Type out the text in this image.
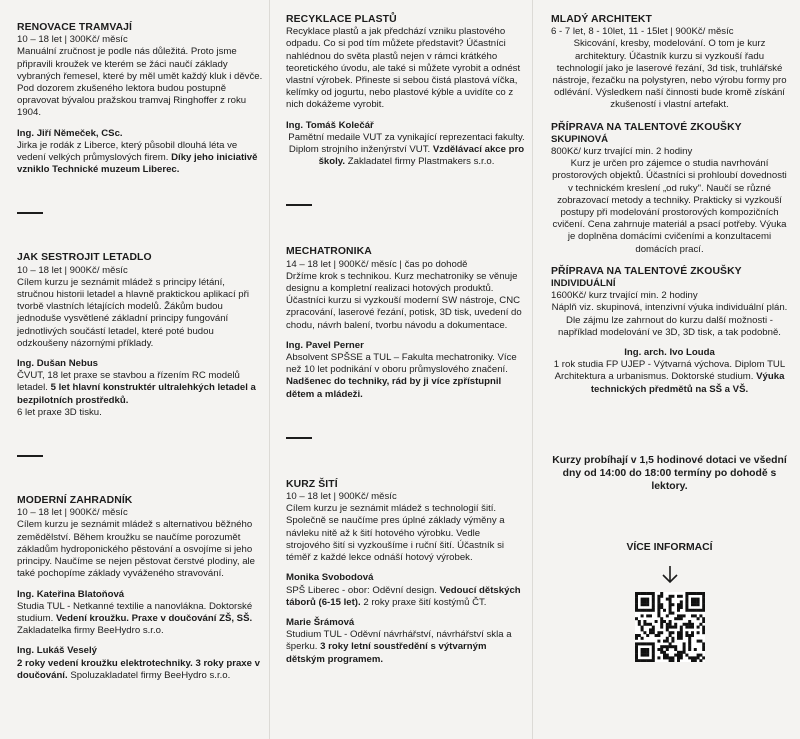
RENOVACE TRAMVAJÍ

10 – 18 let | 300Kč/ měsíc

Manuální zručnost je podle nás důležitá. Proto jsme připravili kroužek ve kterém se žáci naučí základy vybraných řemesel, které by měl umět každý kluk i děvče. Pod dozorem zkušeného lektora budou postupně opravovat bývalou pražskou tramvaj Ringhoffer z roku 1904.

Ing. Jiří Němeček, CSc.

Jirka je rodák z Liberce, který působil dlouhá léta ve vedení velkých průmyslových firem. Díky jeho iniciativě vzniklo Technické muzeum Liberec.

JAK SESTROJIT LETADLO

10 – 18 let | 900Kč/ měsíc

Cílem kurzu je seznámit mládež s principy létání, stručnou historii letadel a hlavně praktickou aplikací při tvorbě vlastních létajících modelů. Žákům budou jednoduše vysvětlené základní principy fungování jednotlivých součástí letadel, které poté budou odzkoušeny názornými příklady.

Ing. Dušan Nebus

ČVUT, 18 let praxe se stavbou a řízením RC modelů letadel. 5 let hlavní konstruktér ultralehkých letadel a bezpilotních prostředků.
6 let praxe 3D tisku.

MODERNÍ ZAHRADNÍK

10 – 18 let | 900Kč/ měsíc

Cílem kurzu je seznámit mládež s alternativou běžného zemědělství. Během kroužku se naučíme porozumět základům hydroponického pěstování a osvojíme si jeho principy. Naučíme se nejen pěstovat čerstvé plodiny, ale také pochopíme základy vyváženého stravování.

Ing. Kateřina Blatoňová

Studia TUL - Netkanné textilie a nanovlákna. Doktorské studium. Vedení kroužku. Praxe v doučování ZŠ, SŠ. Zakladatelka firmy BeeHydro s.r.o.

Ing. Lukáš Veselý

2 roky vedení kroužku elektrotechniky. 3 roky praxe v doučování. Spoluzakladatel firmy BeeHydro s.r.o.

RECYKLACE PLASTŮ

Recyklace plastů a jak předchází vzniku plastového odpadu. Co si pod tím můžete představit? Účastníci nahlédnou do světa plastů nejen v rámci krátkého teoretického úvodu, ale také si můžete vyrobit a odnést vlastní výrobek. Přineste si sebou čistá plastová víčka, kelímky od jogurtu, nebo plastové kýble a uvidíte co z nich dokážeme vyrobit.

Ing. Tomáš Kolečář

Pamětní medaile VUT za vynikající reprezentaci fakulty. Diplom strojního inženýrství VUT. Vzdělávací akce pro školy. Zakladatel firmy Plastmakers s.r.o.

MECHATRONIKA

14 – 18 let | 900Kč/ měsíc | čas po dohodě

Držíme krok s technikou. Kurz mechatroniky se věnuje designu a kompletní realizaci hotových produktů. Účastníci kurzu si vyzkouší moderní SW nástroje, CNC zpracování, laserové řezání, potisk, 3D tisk, uvedení do chodu, návrh balení, tvorbu návodu a dokumentace.

Ing. Pavel Perner

Absolvent SPŠSE a TUL – Fakulta mechatroniky. Více než 10 let podnikání v oboru průmyslového značení. Nadšenec do techniky, rád by ji více zpřístupnil dětem a mládeži.

KURZ ŠITÍ

10 – 18 let | 900Kč/ měsíc

Cílem kurzu je seznámit mládež s technologií šití. Společně se naučíme pres úplné základy výměny a návleku nitě až k šití hotového výrobku. Vedle strojového šití si vyzkoušíme i ruční šití. Účastník si téměř z každé lekce odnáší hotový výrobek.

Monika Svobodová

SPŠ Liberec - obor: Oděvní design. Vedoucí dětských táborů (6-15 let). 2 roky praxe šití kostýmů ČT.

Marie Šrámová

Studium TUL - Oděvní návrhářství, návrhářství skla a šperku. 3 roky letní soustředění s výtvarným dětským programem.

MLADÝ ARCHITEKT

6 - 7 let, 8 - 10let, 11 - 15let | 900Kč/ měsíc

Skicování, kresby, modelování. O tom je kurz architektury. Účastník kurzu si vyzkouší řadu technologií jako je laserové řezání, 3d tisk, truhlářské nástroje, řezačku na polystyren, nebo výrobu formy pro odlévání. Výsledkem naší činnosti bude kromě získání zkušeností i vlastní artefakt.

PŘÍPRAVA NA TALENTOVÉ ZKOUŠKY

SKUPINOVÁ

800Kč/ kurz trvající min. 2 hodiny

Kurz je určen pro zájemce o studia navrhování prostorových objektů. Účastníci si prohloubí dovednosti v technickém kreslení „od ruky". Naučí se různé zobrazovací metody a techniky. Prakticky si vyzkouší postupy při modelování prostorových kompozičních cvičení. Cena zahrnuje materiál a psací potřeby. Výuka je doplněna domácími cvičeními a konzultacemi domácích prací.

PŘÍPRAVA NA TALENTOVÉ ZKOUŠKY

INDIVIDUÁLNÍ

1600Kč/ kurz trvající min. 2 hodiny

Náplň viz. skupinová, intenzivní výuka individuální plán. Dle zájmu lze zahrnout do kurzu další možnosti - například modelování ve 3D, 3D tisk, a tak podobně.

Ing. arch. Ivo Louda

1 rok studia FP UJEP - Výtvarná výchova. Diplom TUL Architektura a urbanismus. Doktorské studium. Výuka technických předmětů na SŠ a VŠ.

Kurzy probíhají v 1,5 hodinové dotaci ve všední dny od 14:00 do 18:00 termíny po dohodě s lektory.

VÍCE INFORMACÍ
